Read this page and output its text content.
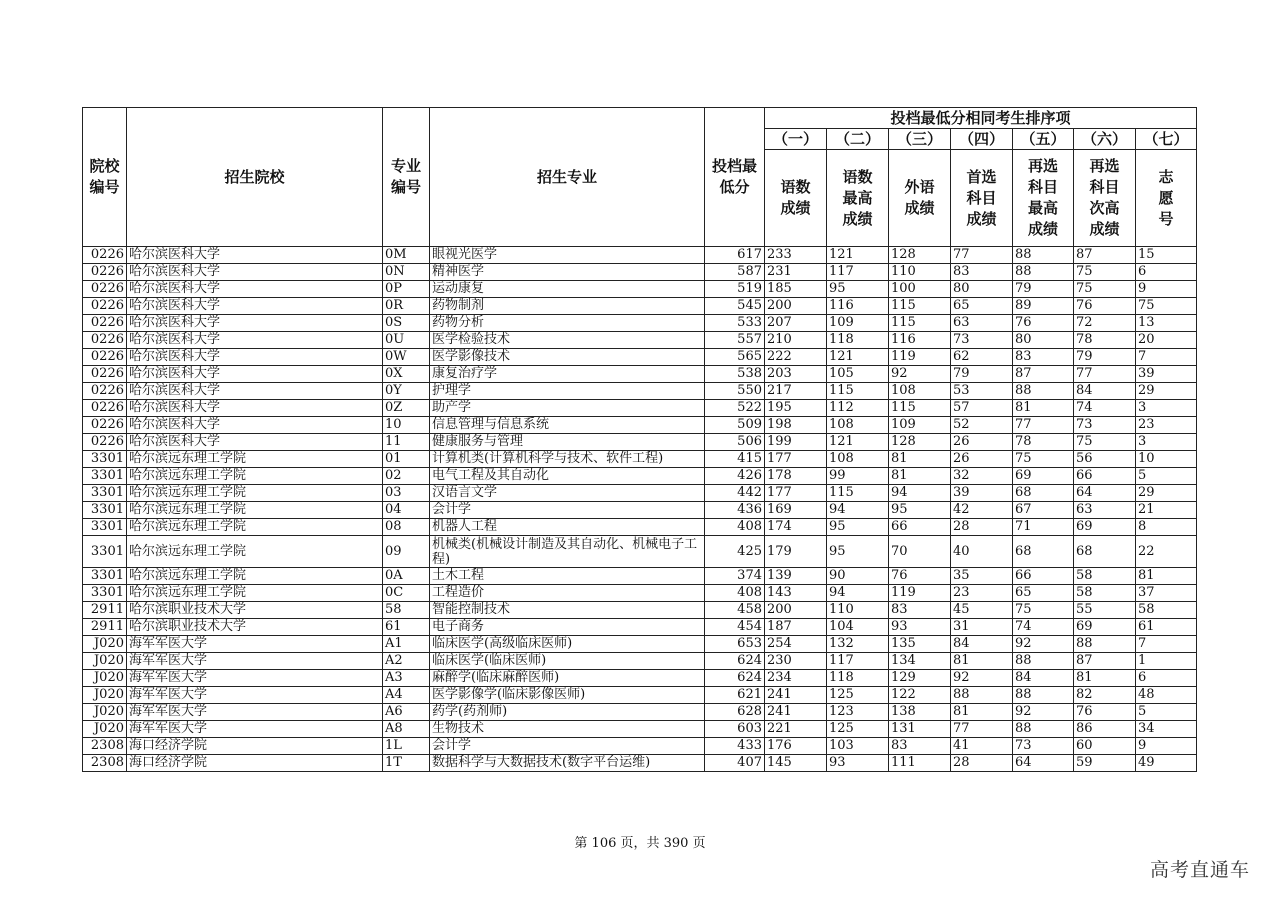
院校编号	招生院校	专业编号	招生专业	投档最低分	投档最低分相同考生排序项						
					（一）	（二）	（三）	（四）	（五）	（六）	（七）
					语数成绩	语数最高成绩	外语成绩	首选科目成绩	再选科目最高成绩	再选科目次高成绩	志愿号
0226	哈尔滨医科大学	0M	眼视光医学	617	233	121	128	77	88	87	15
0226	哈尔滨医科大学	0N	精神医学	587	231	117	110	83	88	75	6
0226	哈尔滨医科大学	0P	运动康复	519	185	95	100	80	79	75	9
0226	哈尔滨医科大学	0R	药物制剂	545	200	116	115	65	89	76	75
0226	哈尔滨医科大学	0S	药物分析	533	207	109	115	63	76	72	13
0226	哈尔滨医科大学	0U	医学检验技术	557	210	118	116	73	80	78	20
0226	哈尔滨医科大学	0W	医学影像技术	565	222	121	119	62	83	79	7
0226	哈尔滨医科大学	0X	康复治疗学	538	203	105	92	79	87	77	39
0226	哈尔滨医科大学	0Y	护理学	550	217	115	108	53	88	84	29
0226	哈尔滨医科大学	0Z	助产学	522	195	112	115	57	81	74	3
0226	哈尔滨医科大学	10	信息管理与信息系统	509	198	108	109	52	77	73	23
0226	哈尔滨医科大学	11	健康服务与管理	506	199	121	128	26	78	75	3
3301	哈尔滨远东理工学院	01	计算机类(计算机科学与技术、软件工程)	415	177	108	81	26	75	56	10
3301	哈尔滨远东理工学院	02	电气工程及其自动化	426	178	99	81	32	69	66	5
3301	哈尔滨远东理工学院	03	汉语言文学	442	177	115	94	39	68	64	29
3301	哈尔滨远东理工学院	04	会计学	436	169	94	95	42	67	63	21
3301	哈尔滨远东理工学院	08	机器人工程	408	174	95	66	28	71	69	8
3301	哈尔滨远东理工学院	09	机械类(机械设计制造及其自动化、机械电子工程)	425	179	95	70	40	68	68	22
3301	哈尔滨远东理工学院	0A	土木工程	374	139	90	76	35	66	58	81
3301	哈尔滨远东理工学院	0C	工程造价	408	143	94	119	23	65	58	37
2911	哈尔滨职业技术大学	58	智能控制技术	458	200	110	83	45	75	55	58
2911	哈尔滨职业技术大学	61	电子商务	454	187	104	93	31	74	69	61
J020	海军军医大学	A1	临床医学(高级临床医师)	653	254	132	135	84	92	88	7
J020	海军军医大学	A2	临床医学(临床医师)	624	230	117	134	81	88	87	1
J020	海军军医大学	A3	麻醉学(临床麻醉医师)	624	234	118	129	92	84	81	6
J020	海军军医大学	A4	医学影像学(临床影像医师)	621	241	125	122	88	88	82	48
J020	海军军医大学	A6	药学(药剂师)	628	241	123	138	81	92	76	5
J020	海军军医大学	A8	生物技术	603	221	125	131	77	88	86	34
2308	海口经济学院	1L	会计学	433	176	103	83	41	73	60	9
2308	海口经济学院	1T	数据科学与大数据技术(数字平台运维)	407	145	93	111	28	64	59	49
第 106 页，共 390 页
高考直通车
